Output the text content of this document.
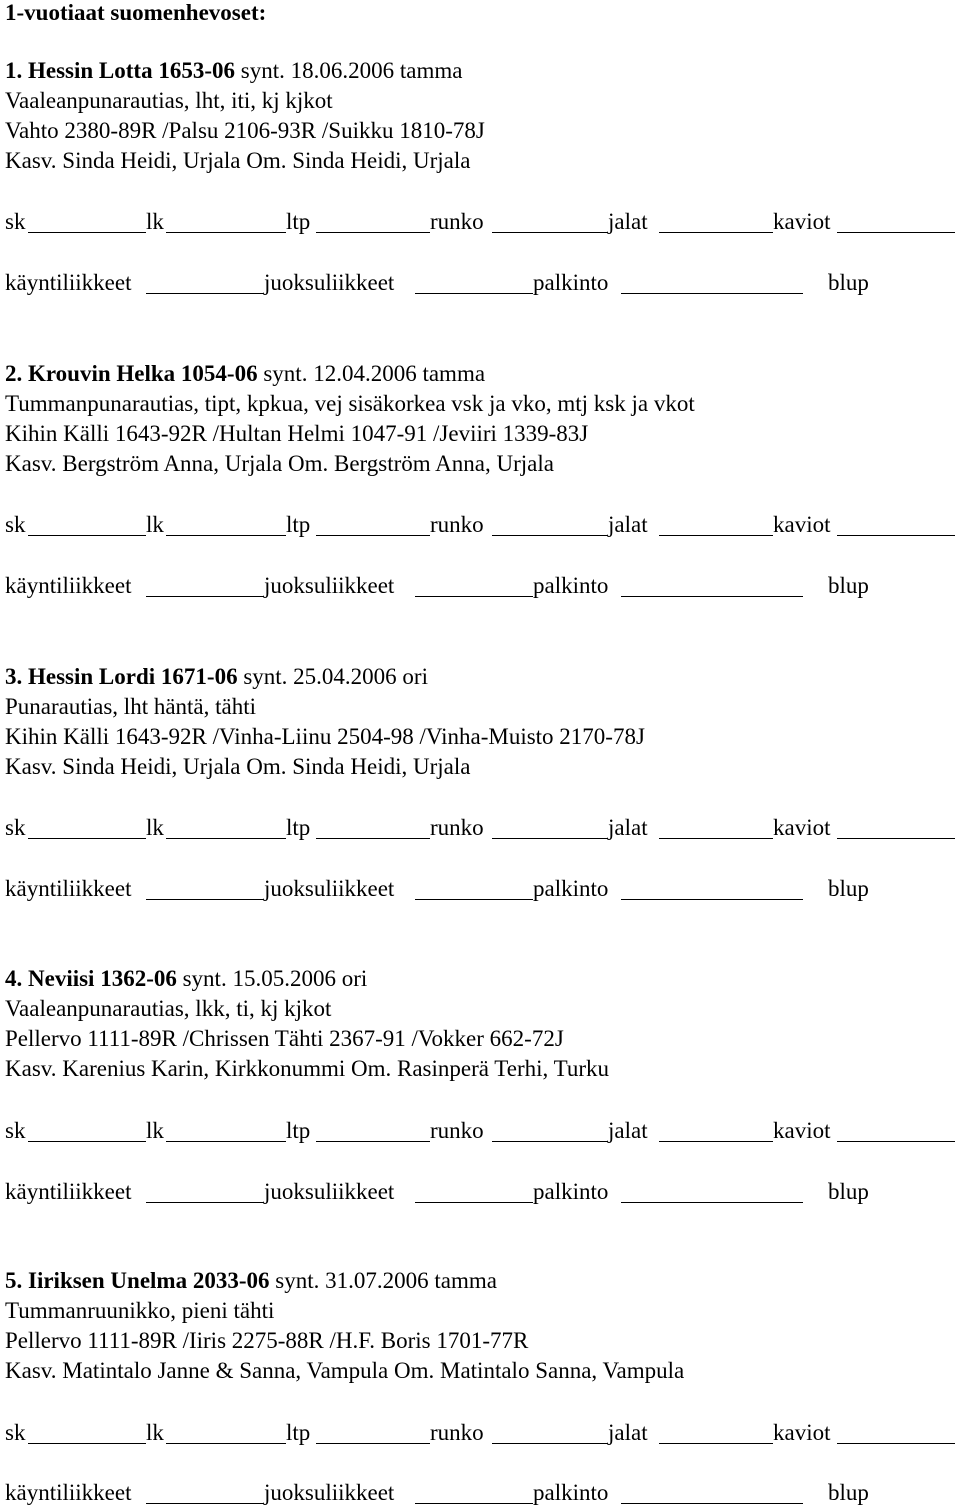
1-vuotiaat suomenhevoset:
1. Hessin Lotta 1653-06 synt. 18.06.2006 tamma
Vaaleanpunarautias, lht, iti, kj kjkot
Vahto 2380-89R /Palsu 2106-93R /Suikku 1810-78J
Kasv. Sinda Heidi, Urjala Om. Sinda Heidi, Urjala
sk	lk	ltp	runko	jalat	kaviot
käyntiliikkeet	juoksuliikkeet	palkinto	blup
2. Krouvin Helka 1054-06 synt. 12.04.2006 tamma
Tummanpunarautias, tipt, kpkua, vej sisäkorkea vsk ja vko, mtj ksk ja vkot
Kihin Källi 1643-92R /Hultan Helmi 1047-91 /Jeviiri 1339-83J
Kasv. Bergström Anna, Urjala Om. Bergström Anna, Urjala
sk	lk	ltp	runko	jalat	kaviot
käyntiliikkeet	juoksuliikkeet	palkinto	blup
3. Hessin Lordi 1671-06 synt. 25.04.2006 ori
Punarautias, lht häntä, tähti
Kihin Källi 1643-92R /Vinha-Liinu 2504-98 /Vinha-Muisto 2170-78J
Kasv. Sinda Heidi, Urjala Om. Sinda Heidi, Urjala
sk	lk	ltp	runko	jalat	kaviot
käyntiliikkeet	juoksuliikkeet	palkinto	blup
4. Neviisi 1362-06 synt. 15.05.2006 ori
Vaaleanpunarautias, lkk, ti, kj kjkot
Pellervo 1111-89R /Chrissen Tähti 2367-91 /Vokker 662-72J
Kasv. Karenius Karin, Kirkkonummi Om. Rasinperä Terhi, Turku
sk	lk	ltp	runko	jalat	kaviot
käyntiliikkeet	juoksuliikkeet	palkinto	blup
5. Iiriksen Unelma 2033-06 synt. 31.07.2006 tamma
Tummanruunikko, pieni tähti
Pellervo 1111-89R /Iiris 2275-88R /H.F. Boris 1701-77R
Kasv. Matintalo Janne & Sanna, Vampula Om. Matintalo Sanna, Vampula
sk	lk	ltp	runko	jalat	kaviot
käyntiliikkeet	juoksuliikkeet	palkinto	blup
